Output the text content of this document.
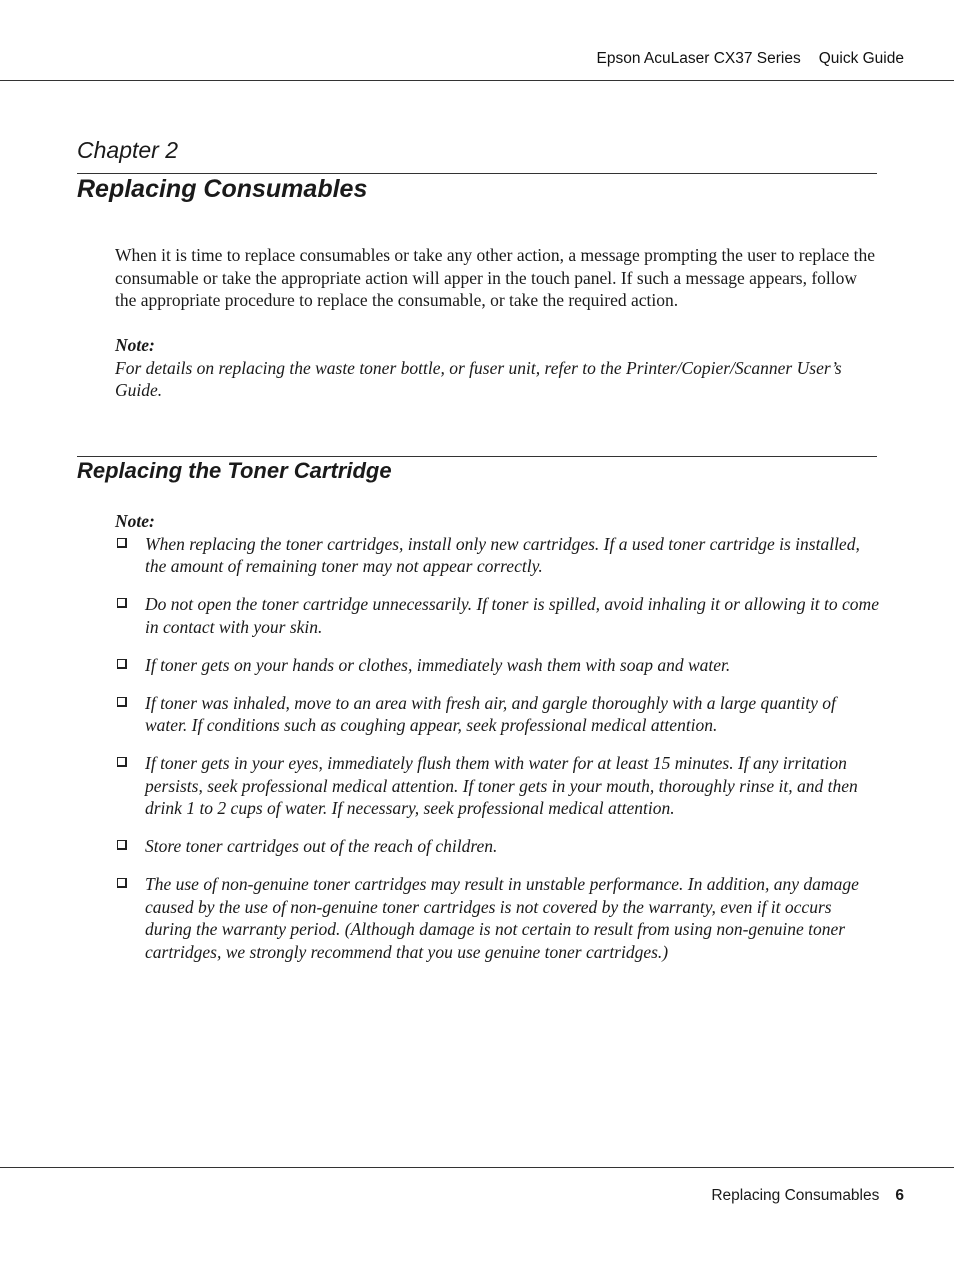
Epson AcuLaser CX37 Series Quick Guide
Chapter 2
Replacing Consumables
When it is time to replace consumables or take any other action, a message prompting the user to replace the consumable or take the appropriate action will apper in the touch panel. If such a message appears, follow the appropriate procedure to replace the consumable, or take the required action.
Note:
For details on replacing the waste toner bottle, or fuser unit, refer to the Printer/Copier/Scanner User’s Guide.
Replacing the Toner Cartridge
Note:
When replacing the toner cartridges, install only new cartridges. If a used toner cartridge is installed, the amount of remaining toner may not appear correctly.
Do not open the toner cartridge unnecessarily. If toner is spilled, avoid inhaling it or allowing it to come in contact with your skin.
If toner gets on your hands or clothes, immediately wash them with soap and water.
If toner was inhaled, move to an area with fresh air, and gargle thoroughly with a large quantity of water. If conditions such as coughing appear, seek professional medical attention.
If toner gets in your eyes, immediately flush them with water for at least 15 minutes. If any irritation persists, seek professional medical attention. If toner gets in your mouth, thoroughly rinse it, and then drink 1 to 2 cups of water. If necessary, seek professional medical attention.
Store toner cartridges out of the reach of children.
The use of non-genuine toner cartridges may result in unstable performance. In addition, any damage caused by the use of non-genuine toner cartridges is not covered by the warranty, even if it occurs during the warranty period. (Although damage is not certain to result from using non-genuine toner cartridges, we strongly recommend that you use genuine toner cartridges.)
Replacing Consumables 6
